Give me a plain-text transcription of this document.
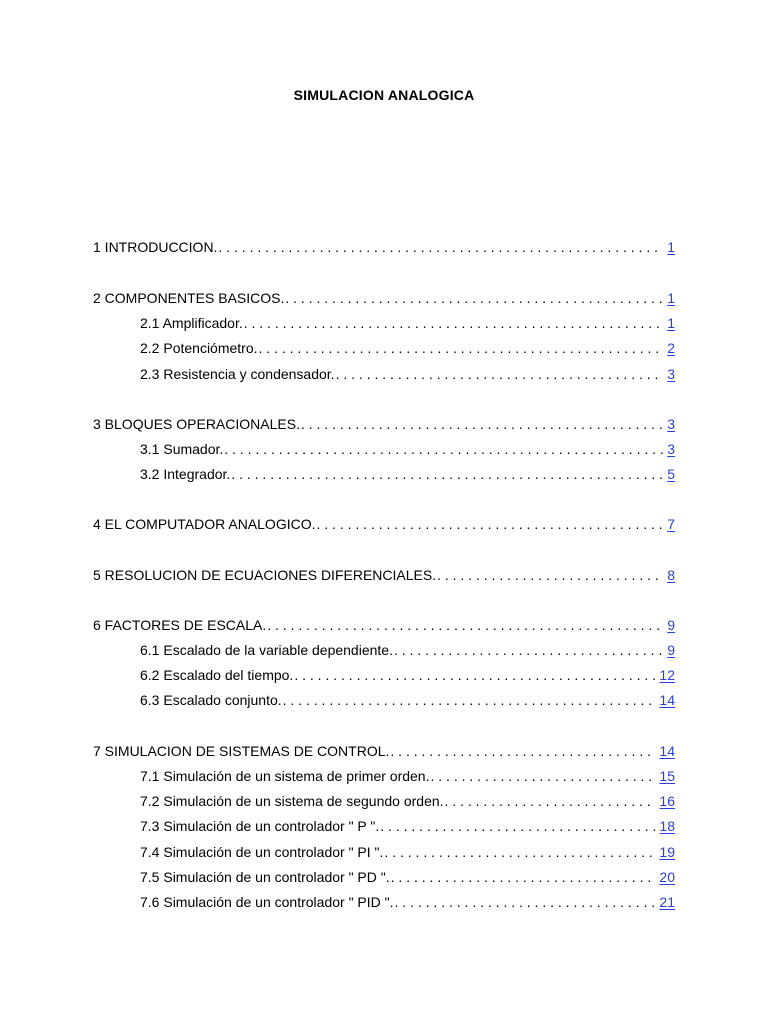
SIMULACION ANALOGICA
1 INTRODUCCION. . . .	1
2 COMPONENTES BASICOS. . . .	1
2.1 Amplificador. . . .	1
2.2 Potenciómetro. . . .	2
2.3 Resistencia y condensador. . . .	3
3 BLOQUES OPERACIONALES. . . .	3
3.1 Sumador. . . .	3
3.2 Integrador. . . .	5
4 EL COMPUTADOR ANALOGICO. . . .	7
5 RESOLUCION DE ECUACIONES DIFERENCIALES. . . .	8
6 FACTORES DE ESCALA. . . .	9
6.1 Escalado de la variable dependiente. . . .	9
6.2 Escalado del tiempo. . . .	12
6.3 Escalado conjunto. . . .	14
7 SIMULACION DE SISTEMAS DE CONTROL. . . .	14
7.1 Simulación de un sistema de primer orden. . . .	15
7.2 Simulación de un sistema de segundo orden. . . .	16
7.3 Simulación de un controlador " P ". . . .	18
7.4 Simulación de un controlador " PI ". . . .	19
7.5 Simulación de un controlador " PD ". . . .	20
7.6 Simulación de un controlador " PID ". . . .	21
